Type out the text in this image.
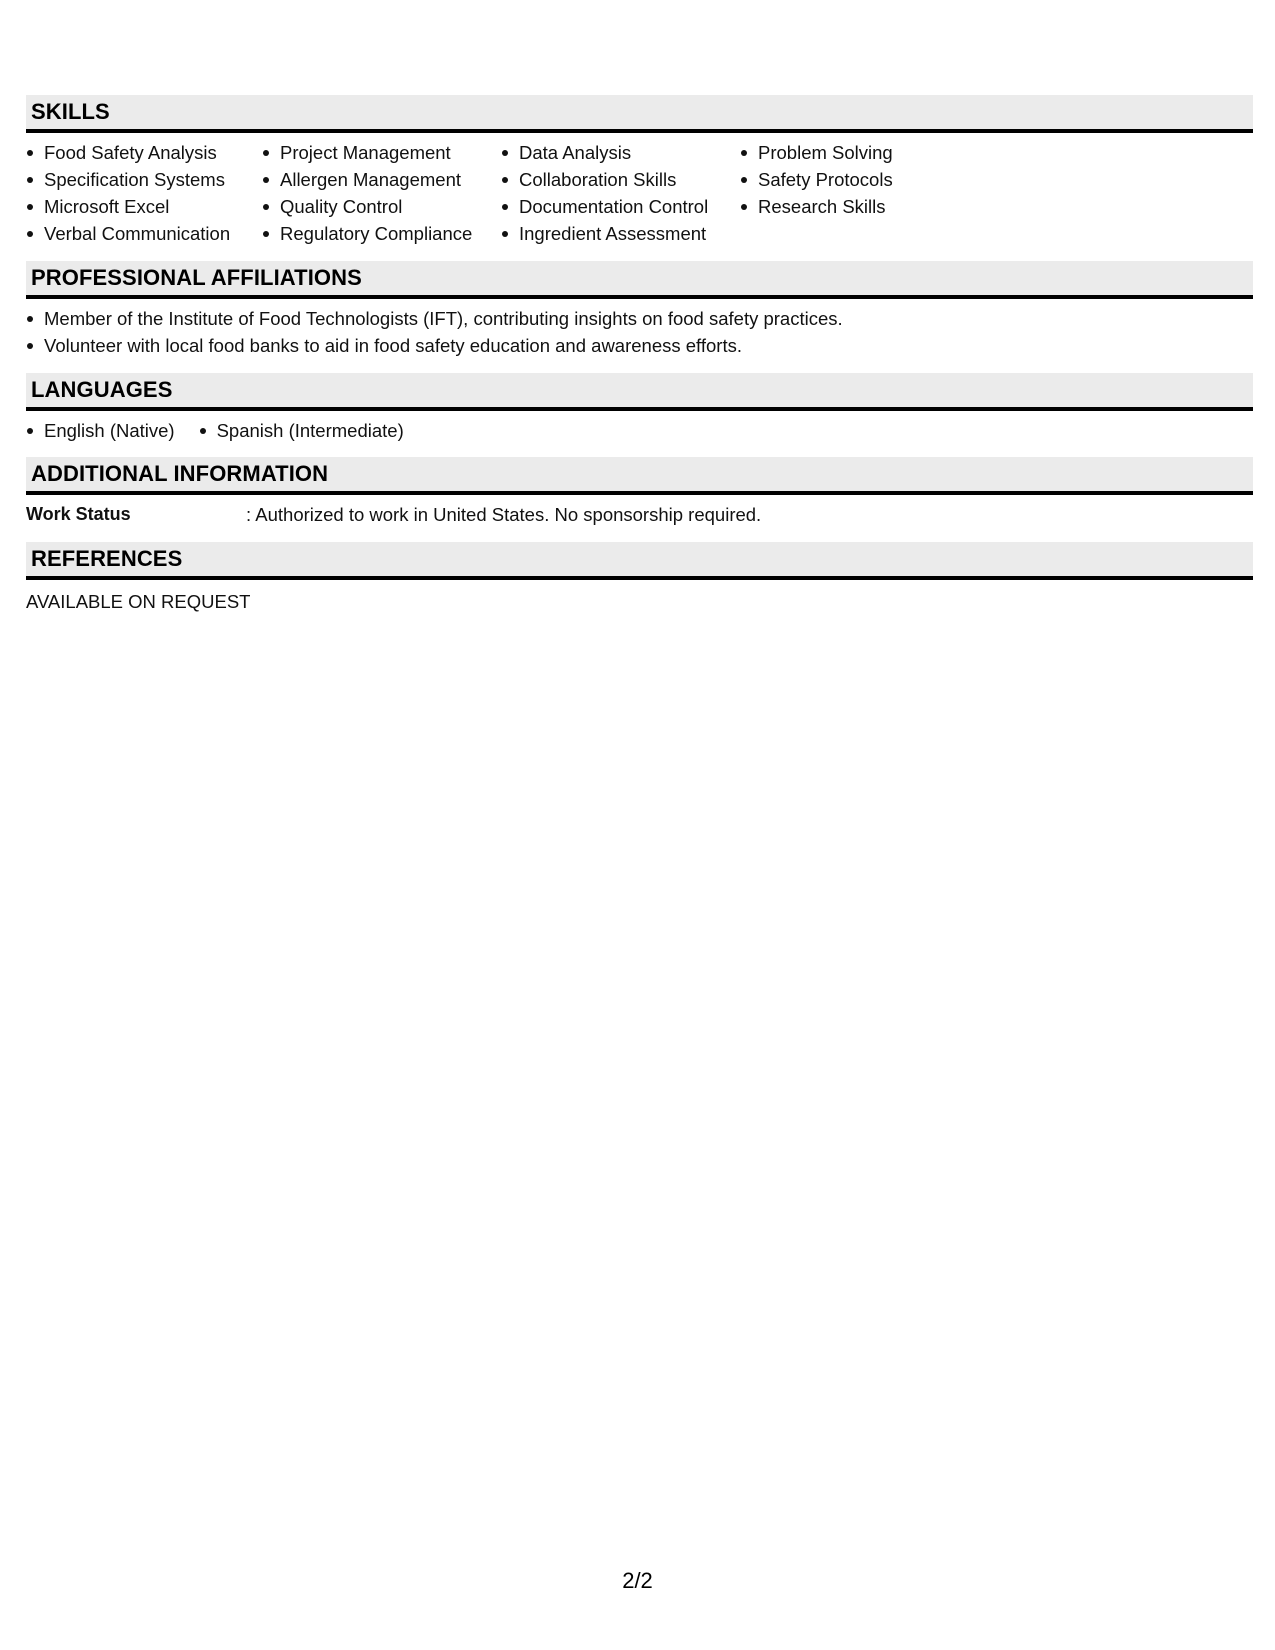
SKILLS
Food Safety Analysis
Specification Systems
Microsoft Excel
Verbal Communication
Project Management
Allergen Management
Quality Control
Regulatory Compliance
Data Analysis
Collaboration Skills
Documentation Control
Ingredient Assessment
Problem Solving
Safety Protocols
Research Skills
PROFESSIONAL AFFILIATIONS
Member of the Institute of Food Technologists (IFT), contributing insights on food safety practices.
Volunteer with local food banks to aid in food safety education and awareness efforts.
LANGUAGES
English (Native)	Spanish (Intermediate)
ADDITIONAL INFORMATION
Work Status	: Authorized to work in United States. No sponsorship required.
REFERENCES
AVAILABLE ON REQUEST
2/2
